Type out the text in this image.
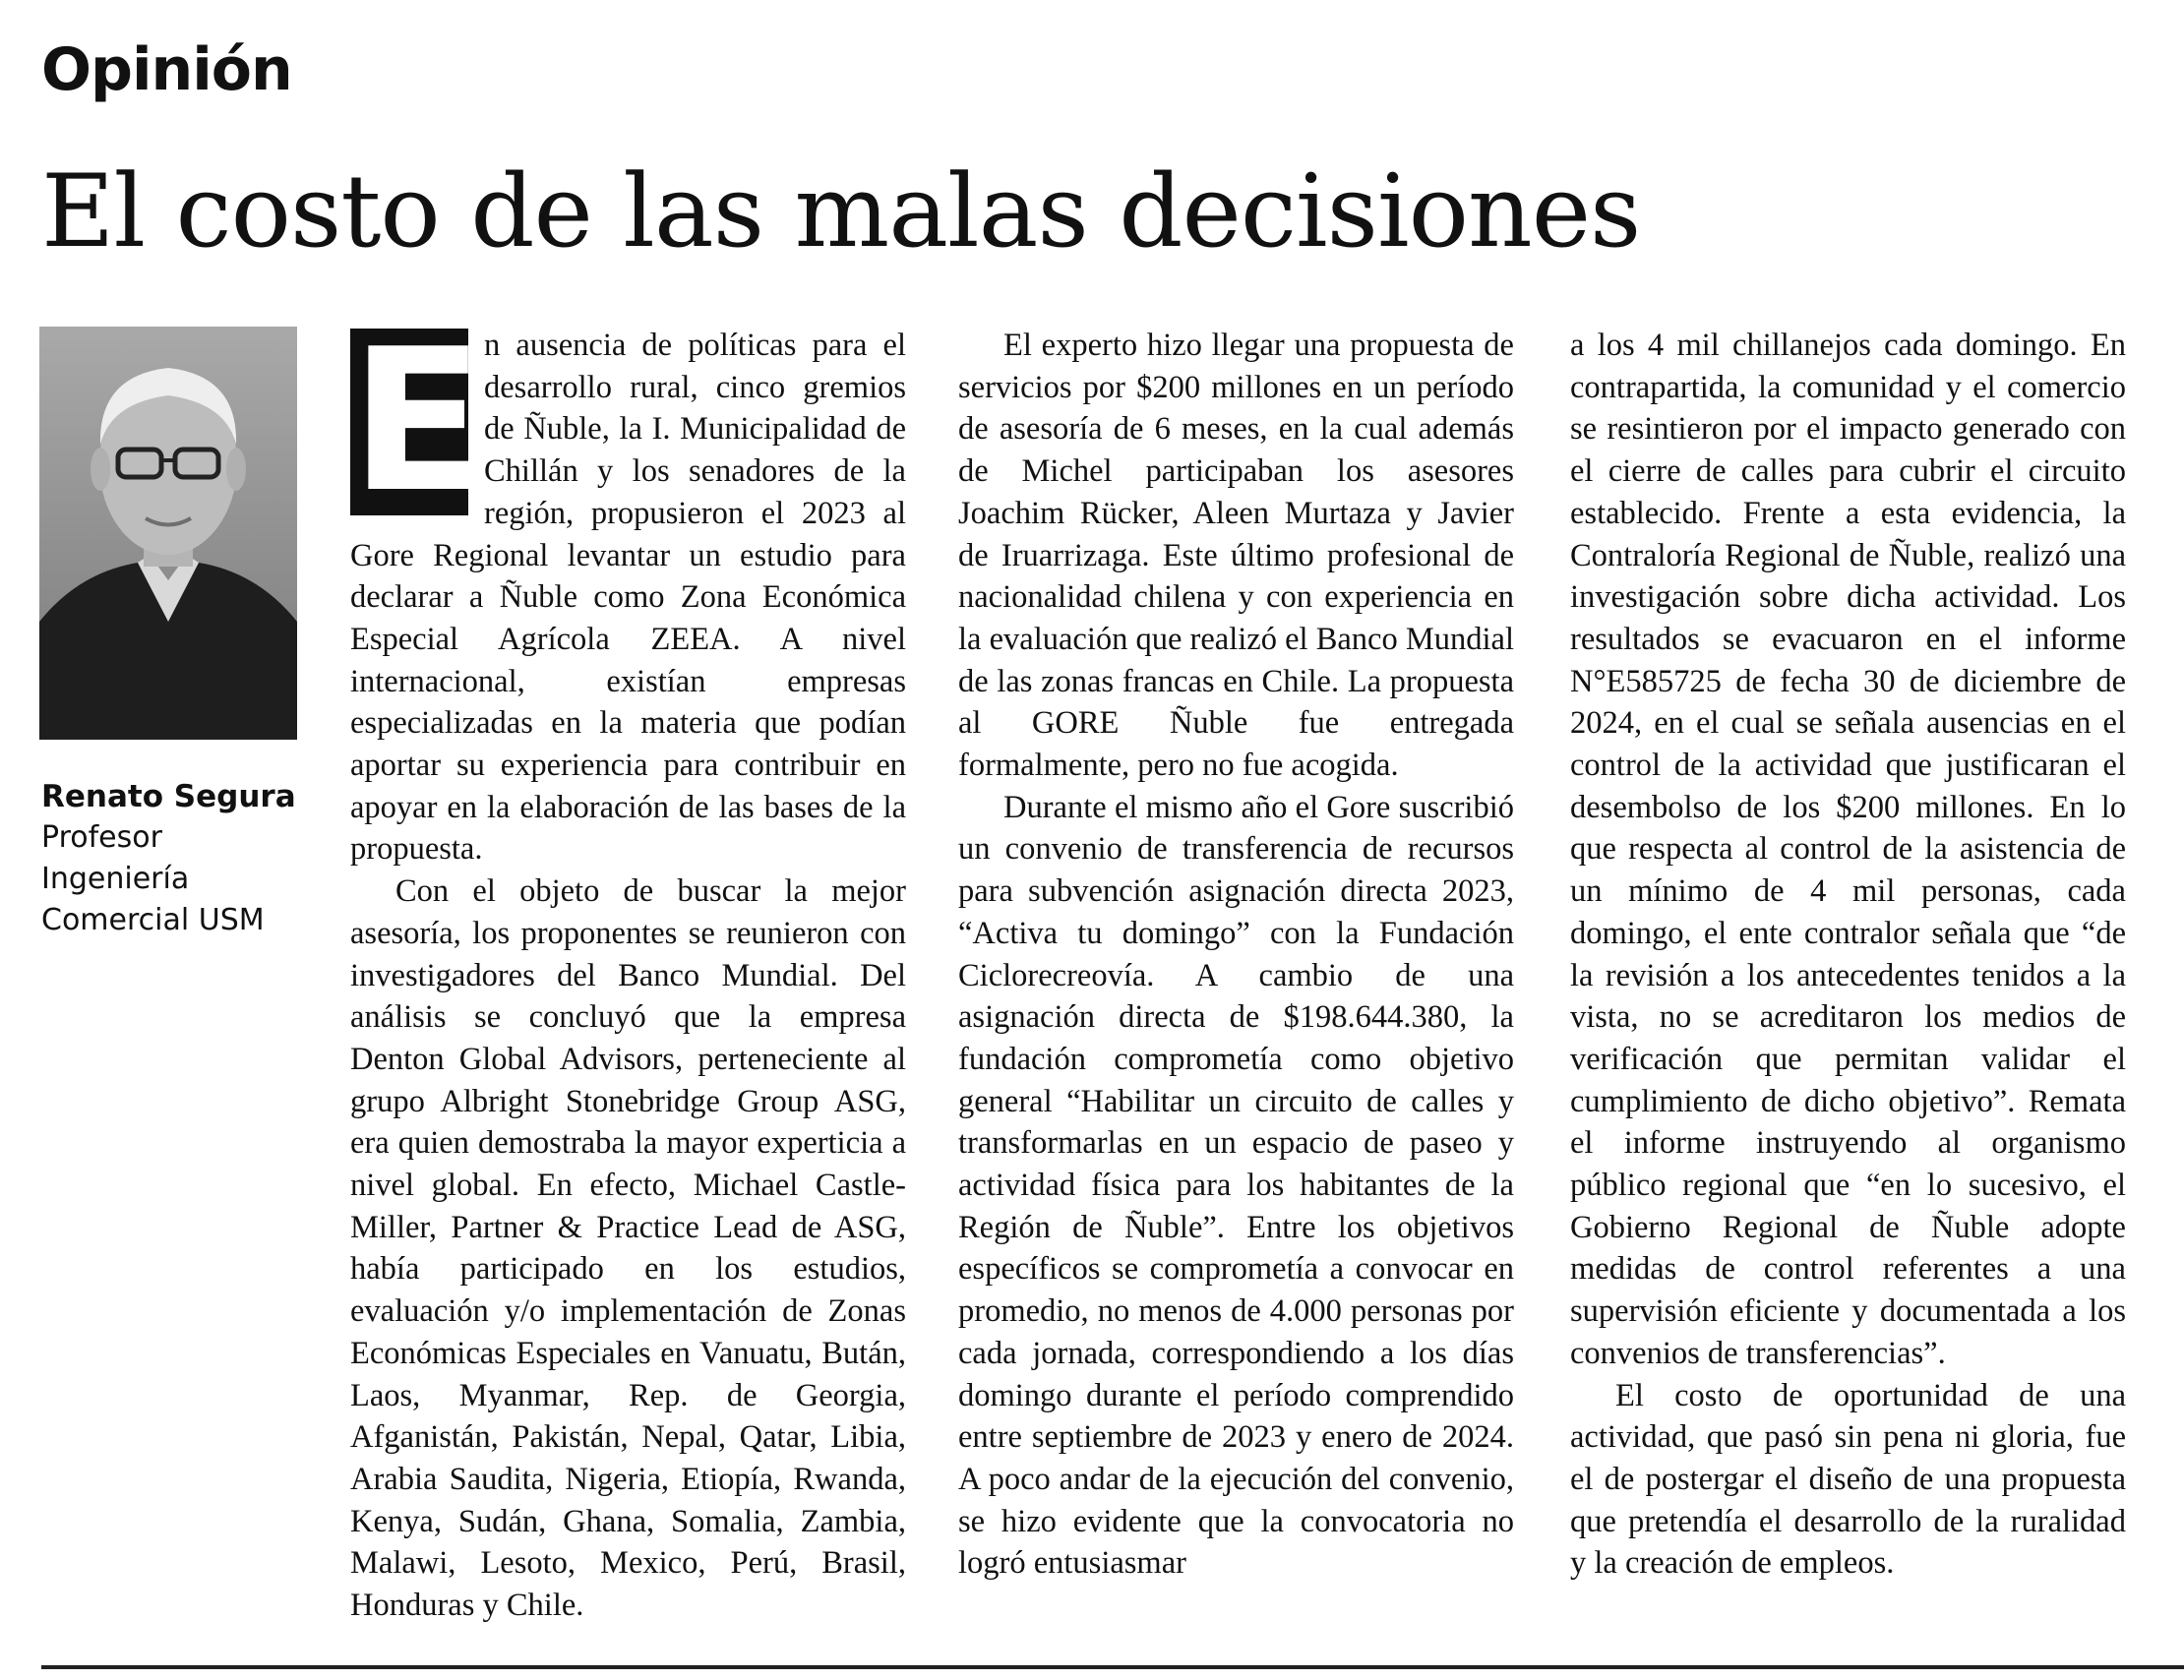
Opinión
El costo de las malas decisiones
Renato Segura
Profesor Ingeniería Comercial USM
E n ausencia de políticas para el desarrollo rural, cinco gremios de Ñuble, la I. Municipalidad de Chillán y los senadores de la región, propusieron el 2023 al Gore Regional levantar un estudio para declarar a Ñuble como Zona Económica Especial Agrícola ZEEA. A nivel internacional, existían empresas especializadas en la materia que podían aportar su experiencia para contribuir en apoyar en la elaboración de las bases de la propuesta.

Con el objeto de buscar la mejor asesoría, los proponentes se reunieron con investigadores del Banco Mundial. Del análisis se concluyó que la empresa Denton Global Advisors, perteneciente al grupo Albright Stonebridge Group ASG, era quien demostraba la mayor experticia a nivel global. En efecto, Michael Castle-Miller, Partner & Practice Lead de ASG, había participado en los estudios, evaluación y/o implementación de Zonas Económicas Especiales en Vanuatu, Bután, Laos, Myanmar, Rep. de Georgia, Afganistán, Pakistán, Nepal, Qatar, Libia, Arabia Saudita, Nigeria, Etiopía, Rwanda, Kenya, Sudán, Ghana, Somalia, Zambia, Malawi, Lesoto, Mexico, Perú, Brasil, Honduras y Chile.

El experto hizo llegar una propuesta de servicios por $200 millones en un período de asesoría de 6 meses, en la cual además de Michel participaban los asesores Joachim Rücker, Aleen Murtaza y Javier de Iruarrizaga. Este último profesional de nacionalidad chilena y con experiencia en la evaluación que realizó el Banco Mundial de las zonas francas en Chile. La propuesta al GORE Ñuble fue entregada formalmente, pero no fue acogida.

Durante el mismo año el Gore suscribió un convenio de transferencia de recursos para subvención asignación directa 2023, “Activa tu domingo” con la Fundación Ciclorecreovía. A cambio de una asignación directa de $198.644.380, la fundación comprometía como objetivo general “Habilitar un circuito de calles y transformarlas en un espacio de paseo y actividad física para los habitantes de la Región de Ñuble”. Entre los objetivos específicos se comprometía a convocar en promedio, no menos de 4.000 personas por cada jornada, correspondiendo a los días domingo durante el período comprendido entre septiembre de 2023 y enero de 2024. A poco andar de la ejecución del convenio, se hizo evidente que la convocatoria no logró entusiasmar

a los 4 mil chillanejos cada domingo. En contrapartida, la comunidad y el comercio se resintieron por el impacto generado con el cierre de calles para cubrir el circuito establecido. Frente a esta evidencia, la Contraloría Regional de Ñuble, realizó una investigación sobre dicha actividad. Los resultados se evacuaron en el informe N°E585725 de fecha 30 de diciembre de 2024, en el cual se señala ausencias en el control de la actividad que justificaran el desembolso de los $200 millones. En lo que respecta al control de la asistencia de un mínimo de 4 mil personas, cada domingo, el ente contralor señala que “de la revisión a los antecedentes tenidos a la vista, no se acreditaron los medios de verificación que permitan validar el cumplimiento de dicho objetivo”. Remata el informe instruyendo al organismo público regional que “en lo sucesivo, el Gobierno Regional de Ñuble adopte medidas de control referentes a una supervisión eficiente y documentada a los convenios de transferencias”.

El costo de oportunidad de una actividad, que pasó sin pena ni gloria, fue el de postergar el diseño de una propuesta que pretendía el desarrollo de la ruralidad y la creación de empleos.
